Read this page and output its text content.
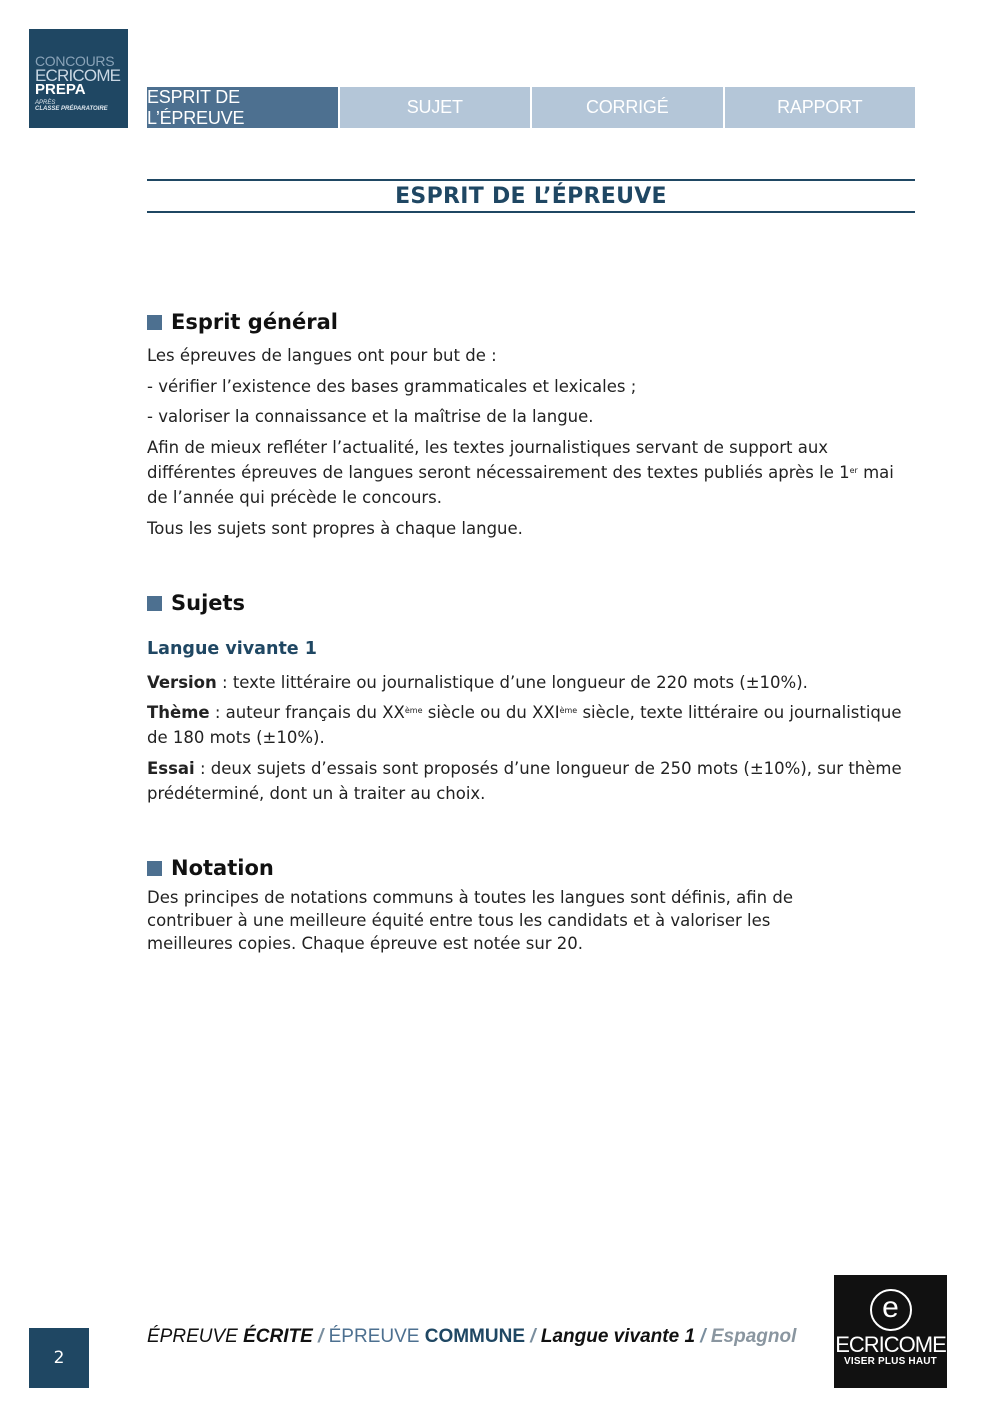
CONCOURS
ECRICOME
PREPA
APRÈS
CLASSE PRÉPARATOIRE
ESPRIT DE L’ÉPREUVE
SUJET	CORRIGÉ	RAPPORT
ESPRIT DE L’ÉPREUVE
Esprit général

Les épreuves de langues ont pour but de :

- vérifier l’existence des bases grammaticales et lexicales ;

- valoriser la connaissance et la maîtrise de la langue.

Afin de mieux refléter l’actualité, les textes journalistiques servant de support aux différentes épreuves de langues seront nécessairement des textes publiés après le 1er mai de l’année qui précède le concours.

Tous les sujets sont propres à chaque langue.

Sujets
Langue vivante 1

Version : texte littéraire ou journalistique d’une longueur de 220 mots (±10%).

Thème : auteur français du XXème siècle ou du XXIème siècle, texte littéraire ou journalistique de 180 mots (±10%).

Essai : deux sujets d’essais sont proposés d’une longueur de 250 mots (±10%), sur thème prédéterminé, dont un à traiter au choix.

Notation

Des principes de notations communs à toutes les langues sont définis, afin de contribuer à une meilleure équité entre tous les candidats et à valoriser les meilleures copies. Chaque épreuve est notée sur 20.

2
ÉPREUVE ÉCRITE / ÉPREUVE COMMUNE / Langue vivante 1 / Espagnol
e
ECRICOME
VISER PLUS HAUT
